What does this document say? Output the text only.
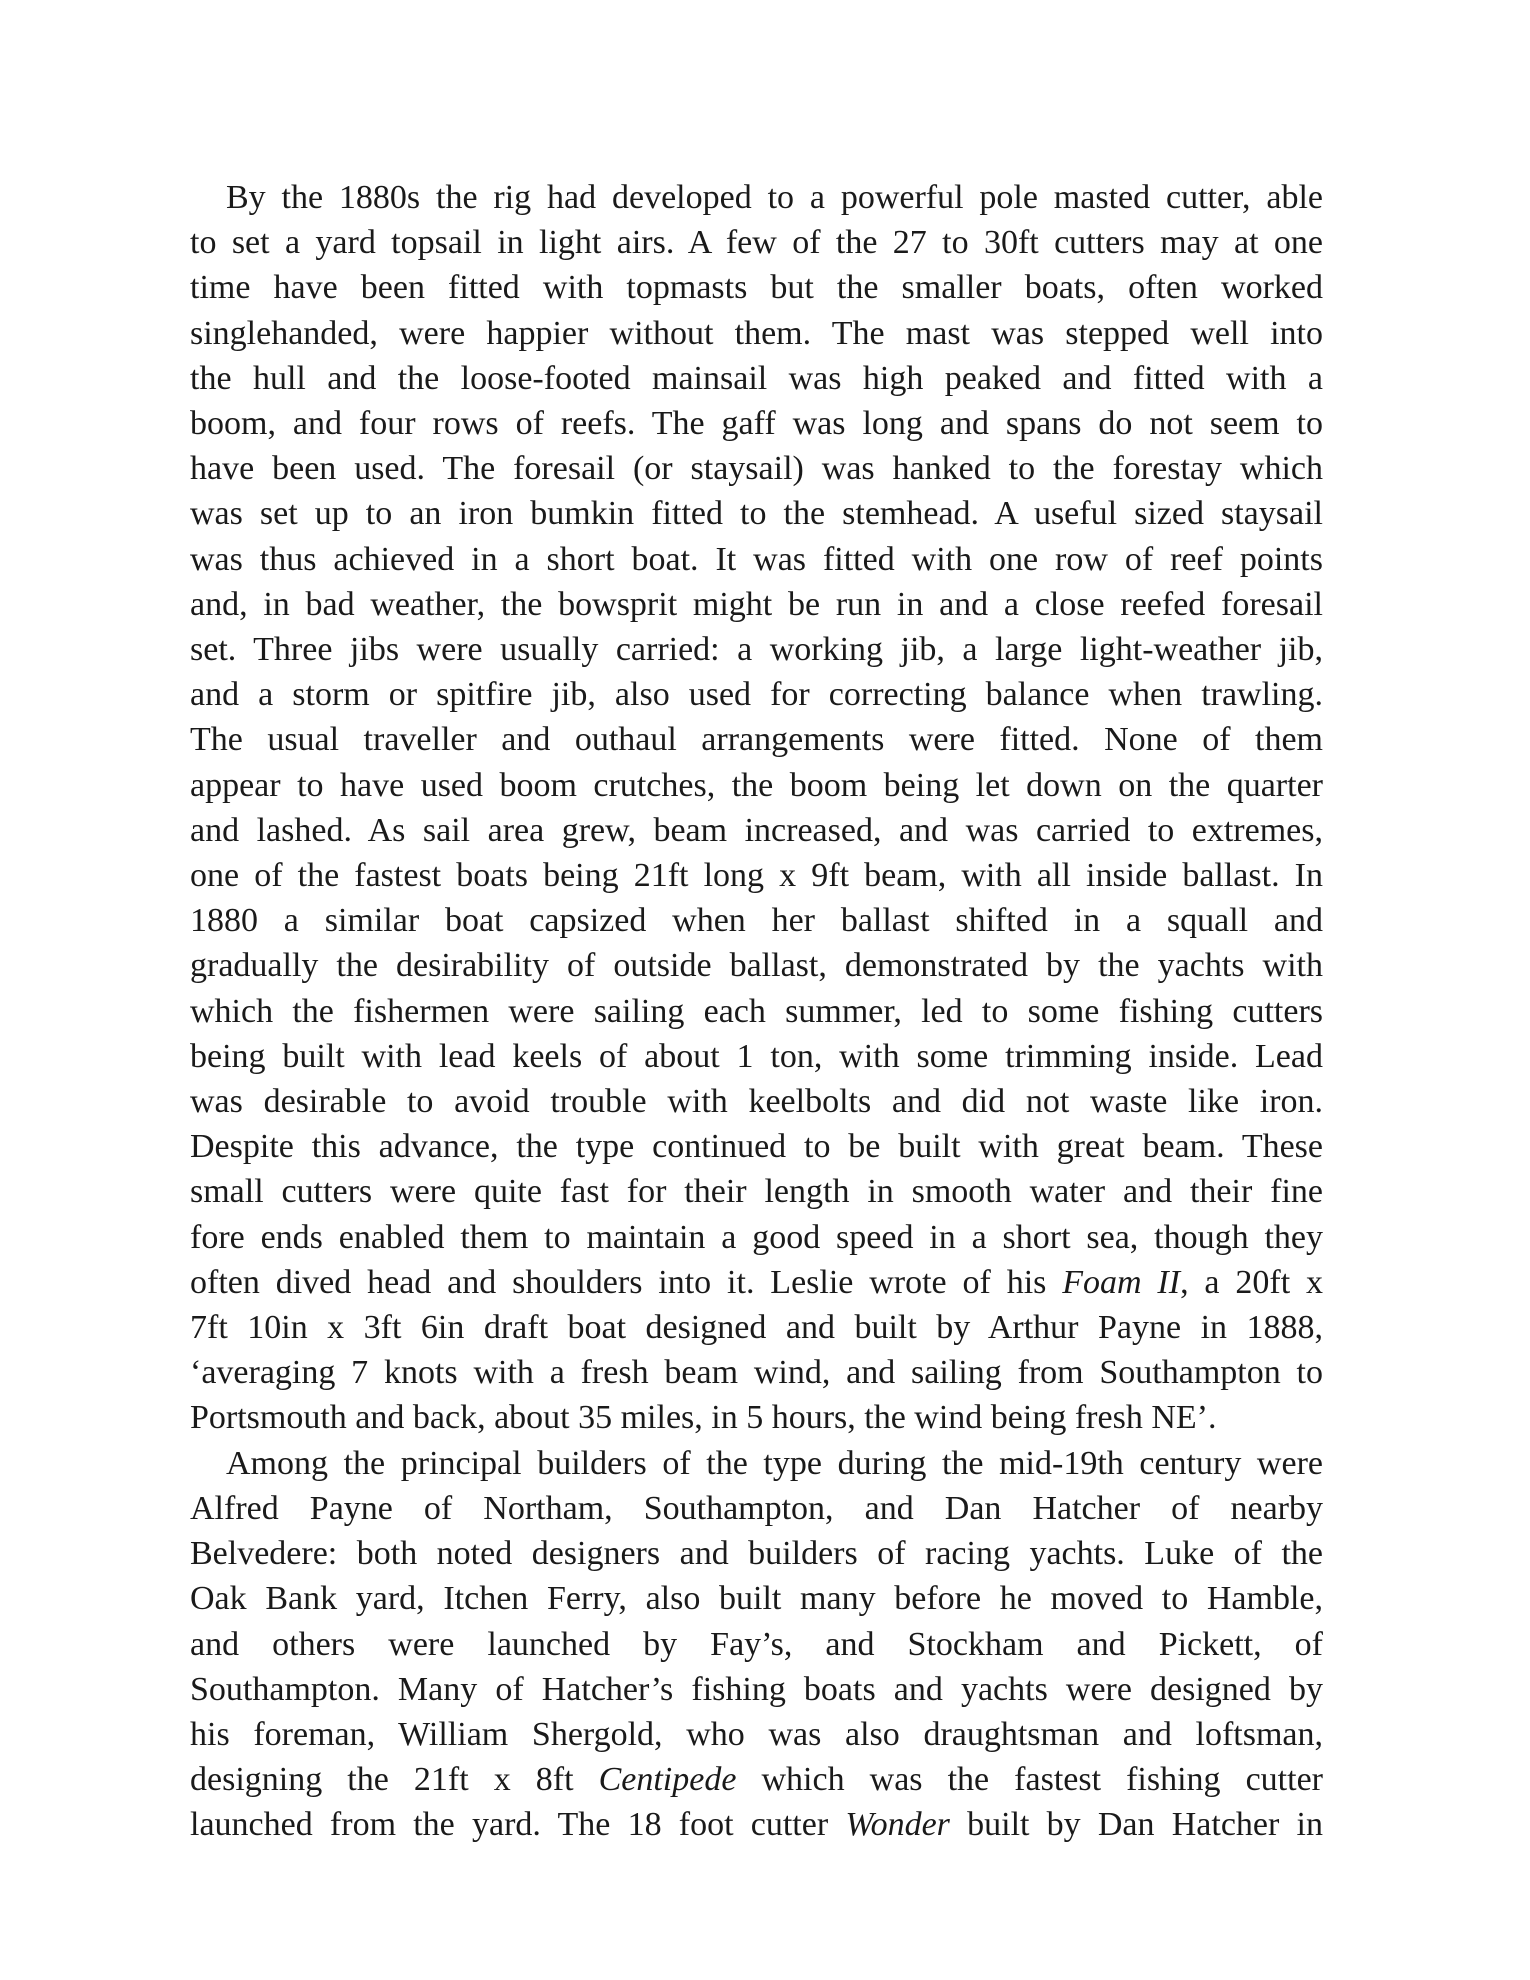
By the 1880s the rig had developed to a powerful pole masted cutter, able
to set a yard topsail in light airs. A few of the 27 to 30ft cutters may at one
time have been fitted with topmasts but the smaller boats, often worked
singlehanded, were happier without them. The mast was stepped well into
the hull and the loose-footed mainsail was high peaked and fitted with a
boom, and four rows of reefs. The gaff was long and spans do not seem to
have been used. The foresail (or staysail) was hanked to the forestay which
was set up to an iron bumkin fitted to the stemhead. A useful sized staysail
was thus achieved in a short boat. It was fitted with one row of reef points
and, in bad weather, the bowsprit might be run in and a close reefed foresail
set. Three jibs were usually carried: a working jib, a large light-weather jib,
and a storm or spitfire jib, also used for correcting balance when trawling.
The usual traveller and outhaul arrangements were fitted. None of them
appear to have used boom crutches, the boom being let down on the quarter
and lashed. As sail area grew, beam increased, and was carried to extremes,
one of the fastest boats being 21ft long x 9ft beam, with all inside ballast. In
1880 a similar boat capsized when her ballast shifted in a squall and
gradually the desirability of outside ballast, demonstrated by the yachts with
which the fishermen were sailing each summer, led to some fishing cutters
being built with lead keels of about 1 ton, with some trimming inside. Lead
was desirable to avoid trouble with keelbolts and did not waste like iron.
Despite this advance, the type continued to be built with great beam. These
small cutters were quite fast for their length in smooth water and their fine
fore ends enabled them to maintain a good speed in a short sea, though they
often dived head and shoulders into it. Leslie wrote of his Foam II, a 20ft x
7ft 10in x 3ft 6in draft boat designed and built by Arthur Payne in 1888,
‘averaging 7 knots with a fresh beam wind, and sailing from Southampton to
Portsmouth and back, about 35 miles, in 5 hours, the wind being fresh NE’.
Among the principal builders of the type during the mid-19th century were
Alfred Payne of Northam, Southampton, and Dan Hatcher of nearby
Belvedere: both noted designers and builders of racing yachts. Luke of the
Oak Bank yard, Itchen Ferry, also built many before he moved to Hamble,
and others were launched by Fay’s, and Stockham and Pickett, of
Southampton. Many of Hatcher’s fishing boats and yachts were designed by
his foreman, William Shergold, who was also draughtsman and loftsman,
designing the 21ft x 8ft Centipede which was the fastest fishing cutter
launched from the yard. The 18 foot cutter Wonder built by Dan Hatcher in
